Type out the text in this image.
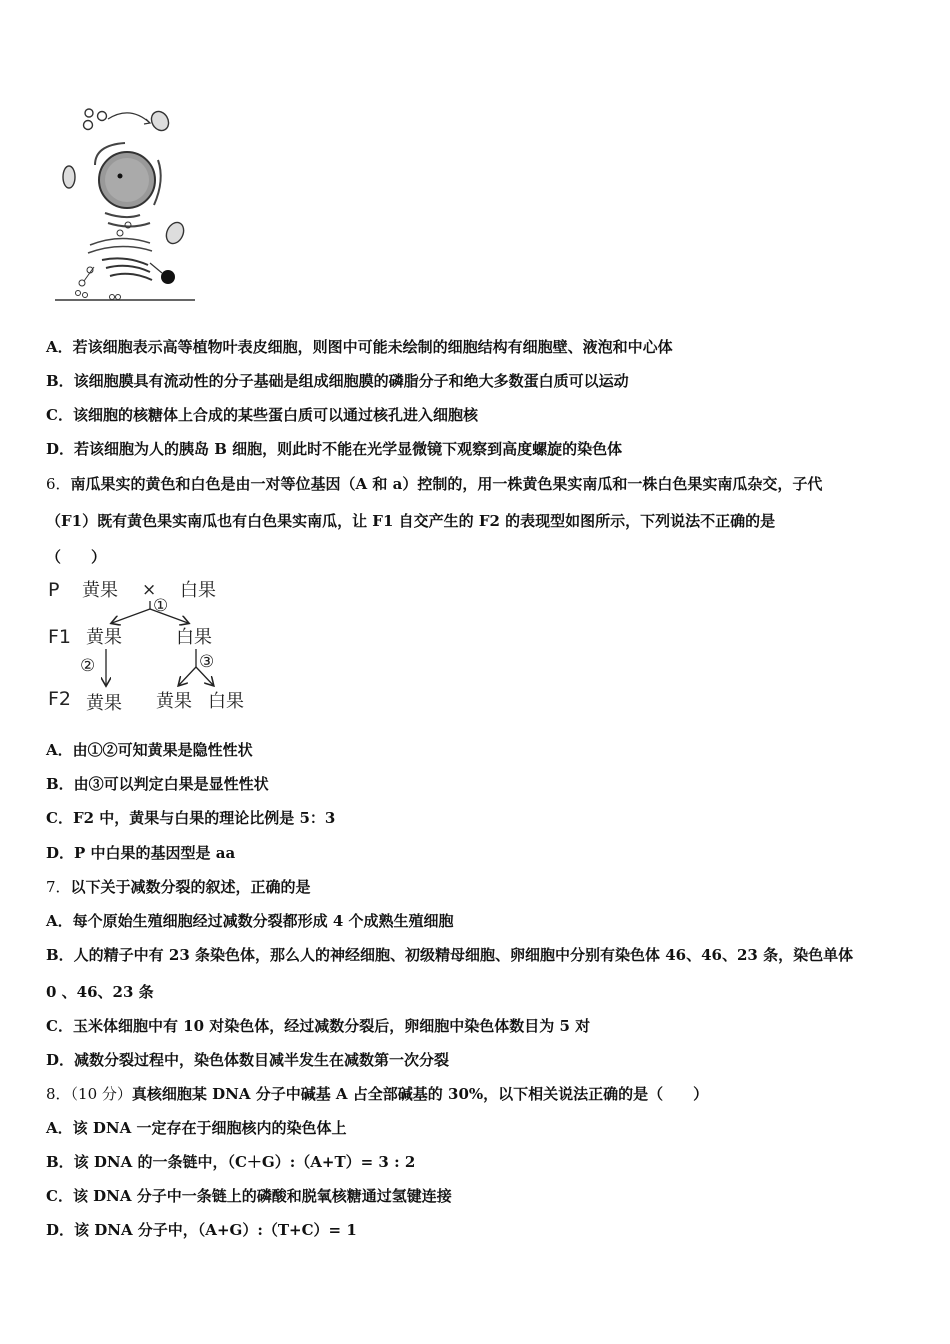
A．若该细胞表示高等植物叶表皮细胞，则图中可能未绘制的细胞结构有细胞壁、液泡和中心体
B．该细胞膜具有流动性的分子基础是组成细胞膜的磷脂分子和绝大多数蛋白质可以运动
C．该细胞的核糖体上合成的某些蛋白质可以通过核孔进入细胞核
D．若该细胞为人的胰岛 B 细胞，则此时不能在光学显微镜下观察到高度螺旋的染色体
6．南瓜果实的黄色和白色是由一对等位基因（A 和 a）控制的，用一株黄色果实南瓜和一株白色果实南瓜杂交，子代
（F1）既有黄色果实南瓜也有白色果实南瓜，让 F1 自交产生的 F2 的表现型如图所示，下列说法不正确的是
（　　）
P
F1
F2
黄果 × 白果
①
黄果	白果
②	③
黄果 黄果 白果
A．由①②可知黄果是隐性性状
B．由③可以判定白果是显性性状
C．F2 中，黄果与白果的理论比例是 5：3
D．P 中白果的基因型是 aa
7．以下关于减数分裂的叙述，正确的是
A．每个原始生殖细胞经过减数分裂都形成 4 个成熟生殖细胞
B．人的精子中有 23 条染色体，那么人的神经细胞、初级精母细胞、卵细胞中分别有染色体 46、46、23 条，染色单体
0 、46、23 条
C．玉米体细胞中有 10 对染色体，经过减数分裂后，卵细胞中染色体数目为 5 对
D．减数分裂过程中，染色体数目减半发生在减数第一次分裂
8．（10 分）真核细胞某 DNA 分子中碱基 A 占全部碱基的 30%，以下相关说法正确的是（　　）
A．该 DNA 一定存在于细胞核内的染色体上
B．该 DNA 的一条链中，（C＋G）:（A+T）= 3 : 2
C．该 DNA 分子中一条链上的磷酸和脱氧核糖通过氢键连接
D．该 DNA 分子中，（A+G）:（T+C）= 1
